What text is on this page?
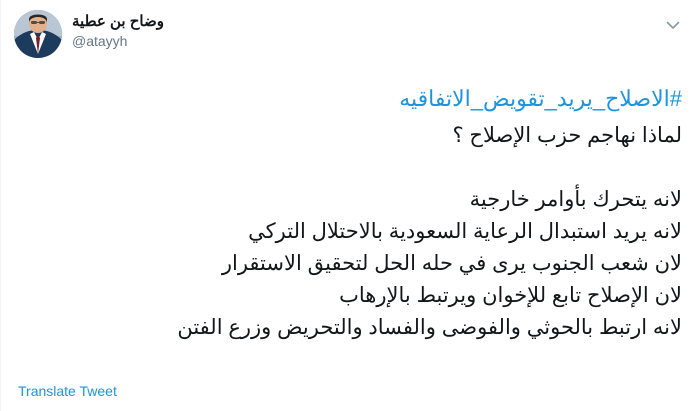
وضاح بن عطية
@atayyh
#الاصلاح_يريد_تقويض_الاتفاقيه
لماذا نهاجم حزب الإصلاح ؟
لانه يتحرك بأوامر خارجية
لانه يريد استبدال الرعاية السعودية بالاحتلال التركي
لان شعب الجنوب يرى في حله الحل لتحقيق الاستقرار
لان الإصلاح تابع للإخوان ويرتبط بالإرهاب
لانه ارتبط بالحوثي والفوضى والفساد والتحريض وزرع الفتن
Translate Tweet
